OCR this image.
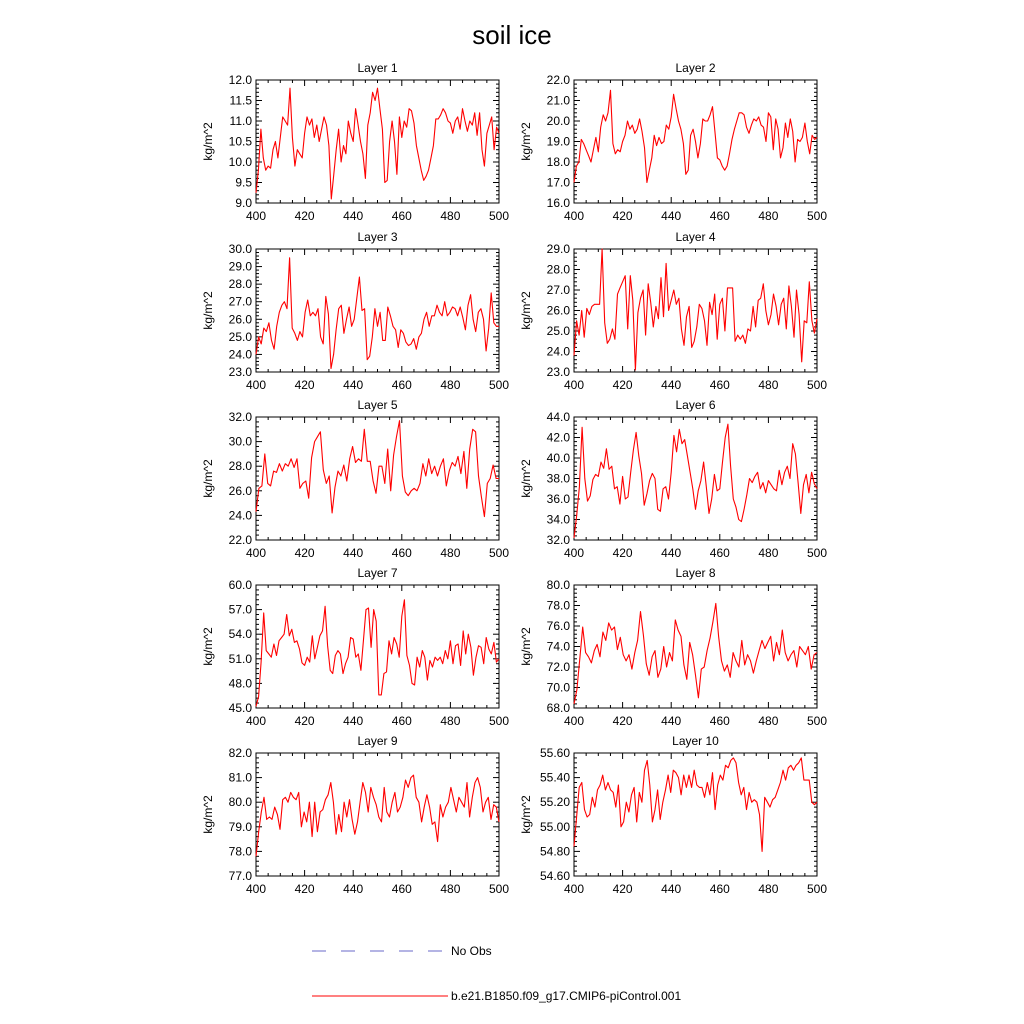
soil ice
Layer 1
kg/m^2
9.0
9.5
10.0
10.5
11.0
11.5
12.0
400 420 440 460 480 500
Layer 2
kg/m^2
16.0
17.0
18.0
19.0
20.0
21.0
22.0
400 420 440 460 480 500
Layer 3
kg/m^2
23.0
24.0
25.0
26.0
27.0
28.0
29.0
30.0
400 420 440 460 480 500
Layer 4
kg/m^2
23.0
24.0
25.0
26.0
27.0
28.0
29.0
400 420 440 460 480 500
Layer 5
kg/m^2
22.0
24.0
26.0
28.0
30.0
32.0
400 420 440 460 480 500
Layer 6
kg/m^2
32.0
34.0
36.0
38.0
40.0
42.0
44.0
400 420 440 460 480 500
Layer 7
kg/m^2
45.0
48.0
51.0
54.0
57.0
60.0
400 420 440 460 480 500
Layer 8
kg/m^2
68.0
70.0
72.0
74.0
76.0
78.0
80.0
400 420 440 460 480 500
Layer 9
kg/m^2
77.0
78.0
79.0
80.0
81.0
82.0
400 420 440 460 480 500
Layer 10
kg/m^2
54.60
54.80
55.00
55.20
55.40
55.60
400 420 440 460 480 500
No Obs
b.e21.B1850.f09_g17.CMIP6-piControl.001
